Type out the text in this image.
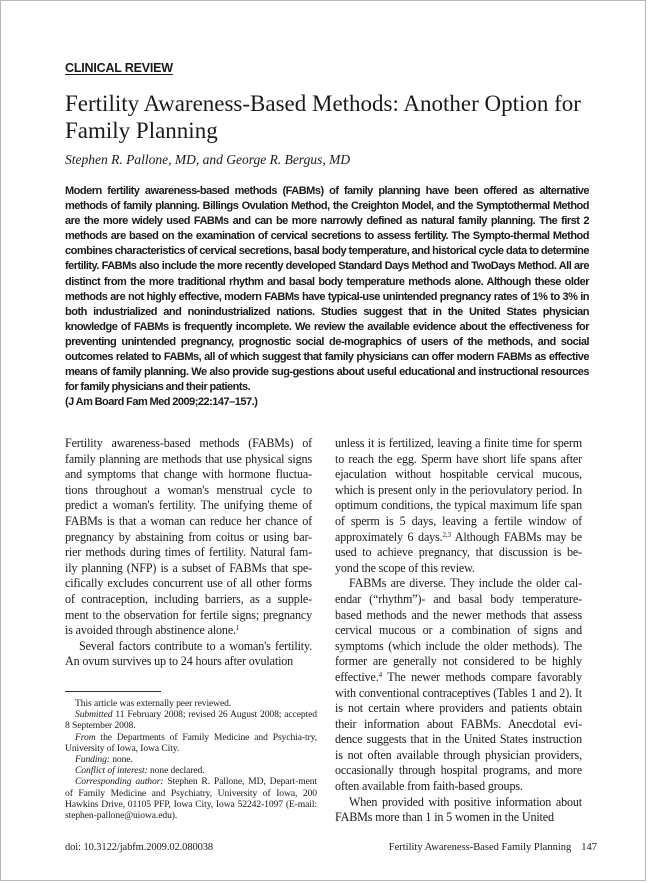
CLINICAL REVIEW
Fertility Awareness-Based Methods: Another Option for Family Planning
Stephen R. Pallone, MD, and George R. Bergus, MD
Modern fertility awareness-based methods (FABMs) of family planning have been offered as alternative methods of family planning. Billings Ovulation Method, the Creighton Model, and the Symptothermal Method are the more widely used FABMs and can be more narrowly defined as natural family planning. The first 2 methods are based on the examination of cervical secretions to assess fertility. The Sympto-thermal Method combines characteristics of cervical secretions, basal body temperature, and historical cycle data to determine fertility. FABMs also include the more recently developed Standard Days Method and TwoDays Method. All are distinct from the more traditional rhythm and basal body temperature methods alone. Although these older methods are not highly effective, modern FABMs have typical-use unintended pregnancy rates of 1% to 3% in both industrialized and nonindustrialized nations. Studies suggest that in the United States physician knowledge of FABMs is frequently incomplete. We review the available evidence about the effectiveness for preventing unintended pregnancy, prognostic social de-mographics of users of the methods, and social outcomes related to FABMs, all of which suggest that family physicians can offer modern FABMs as effective means of family planning. We also provide sug-gestions about useful educational and instructional resources for family physicians and their patients.
(J Am Board Fam Med 2009;22:147–157.)

Fertility awareness-based methods (FABMs) of family planning are methods that use physical signs and symptoms that change with hormone fluctua-tions throughout a woman's menstrual cycle to predict a woman's fertility. The unifying theme of FABMs is that a woman can reduce her chance of pregnancy by abstaining from coitus or using bar-rier methods during times of fertility. Natural fam-ily planning (NFP) is a subset of FABMs that spe-cifically excludes concurrent use of all other forms of contraception, including barriers, as a supple-ment to the observation for fertile signs; pregnancy is avoided through abstinence alone.$^1$

Several factors contribute to a woman's fertility. An ovum survives up to 24 hours after ovulation

unless it is fertilized, leaving a finite time for sperm to reach the egg. Sperm have short life spans after ejaculation without hospitable cervical mucous, which is present only in the periovulatory period. In optimum conditions, the typical maximum life span of sperm is 5 days, leaving a fertile window of approximately 6 days.$^{2,3}$ Although FABMs may be used to achieve pregnancy, that discussion is be-yond the scope of this review.

FABMs are diverse. They include the older cal-endar (“rhythm”)- and basal body temperature-based methods and the newer methods that assess cervical mucous or a combination of signs and symptoms (which include the older methods). The former are generally not considered to be highly effective.$^4$ The newer methods compare favorably with conventional contraceptives (Tables 1 and 2). It is not certain where providers and patients obtain their information about FABMs. Anecdotal evi-dence suggests that in the United States instruction is not often available through physician providers, occasionally through hospital programs, and more often available from faith-based groups.

When provided with positive information about FABMs more than 1 in 5 women in the United

This article was externally peer reviewed.

Submitted 11 February 2008; revised 26 August 2008; accepted 8 September 2008.

From the Departments of Family Medicine and Psychia-try, University of Iowa, Iowa City.

Funding: none.

Conflict of interest: none declared.

Corresponding author: Stephen R. Pallone, MD, Depart-ment of Family Medicine and Psychiatry, University of Iowa, 200 Hawkins Drive, 01105 PFP, Iowa City, Iowa 52242-1097 (E-mail: stephen-pallone@uiowa.edu).

doi: 10.3122/jabfm.2009.02.080038	Fertility Awareness-Based Family Planning 147
